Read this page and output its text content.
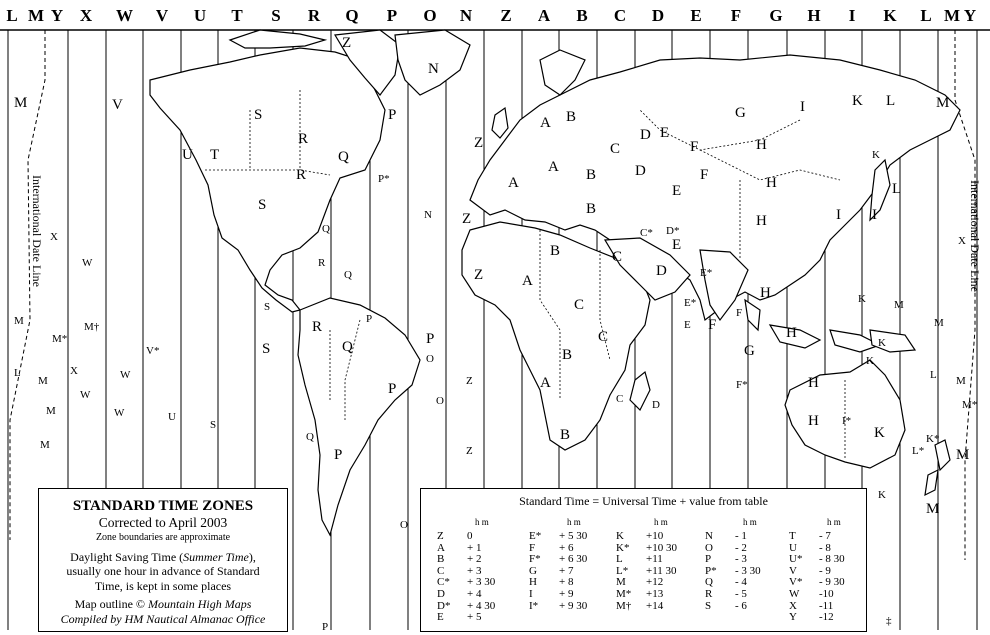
L M Y X W V U T S R Q P O N Z A B C D E F G H I K L M Y
International Date Line	International Date Line
M	V
U T
S
S
R
R
Q
Z
P
N
P*
Z
Z
N
A
A B
A
B
B
C
D E
F
D
E
F
G
H
I	K L	M
H
H
K
L
I I
B
A
Z
C
C
C
D
C* D*
E
E*
E*
B
A
B
C	D
E F
F*
G
F
H
H
H
H I*
K
K
K
K
K
M
M
L M
M*
K*
M
M
L*
X
X
W
M
M*
M†
V*
L
M
X	W
W
M	W	U
S
M
S
S
Q
R
Q
R
Q
P
P
Q
P
P
O
Z
O
Z
O
P	‡
STANDARD TIME ZONES
Corrected to April 2003
Zone boundaries are approximate
Daylight Saving Time (Summer Time),
usually one hour in advance of Standard
Time, is kept in some places
Map outline © Mountain High Maps
Compiled by HM Nautical Almanac Office
Standard Time = Universal Time + value from table
h m
Z 0
A + 1
B + 2
C + 3
C* + 3 30
D + 4
D* + 4 30
E + 5
h m
E* + 5 30
F + 6
F* + 6 30
G + 7
H + 8
I + 9
I* + 9 30
h m
K +10
K* +10 30
L +11
L* +11 30
M +12
M* +13
M† +14
h m
N - 1
O - 2
P - 3
P* - 3 30
Q - 4
R - 5
S - 6
h m
T - 7
U - 8
U* - 8 30
V - 9
V* - 9 30
W -10
X -11
Y -12
